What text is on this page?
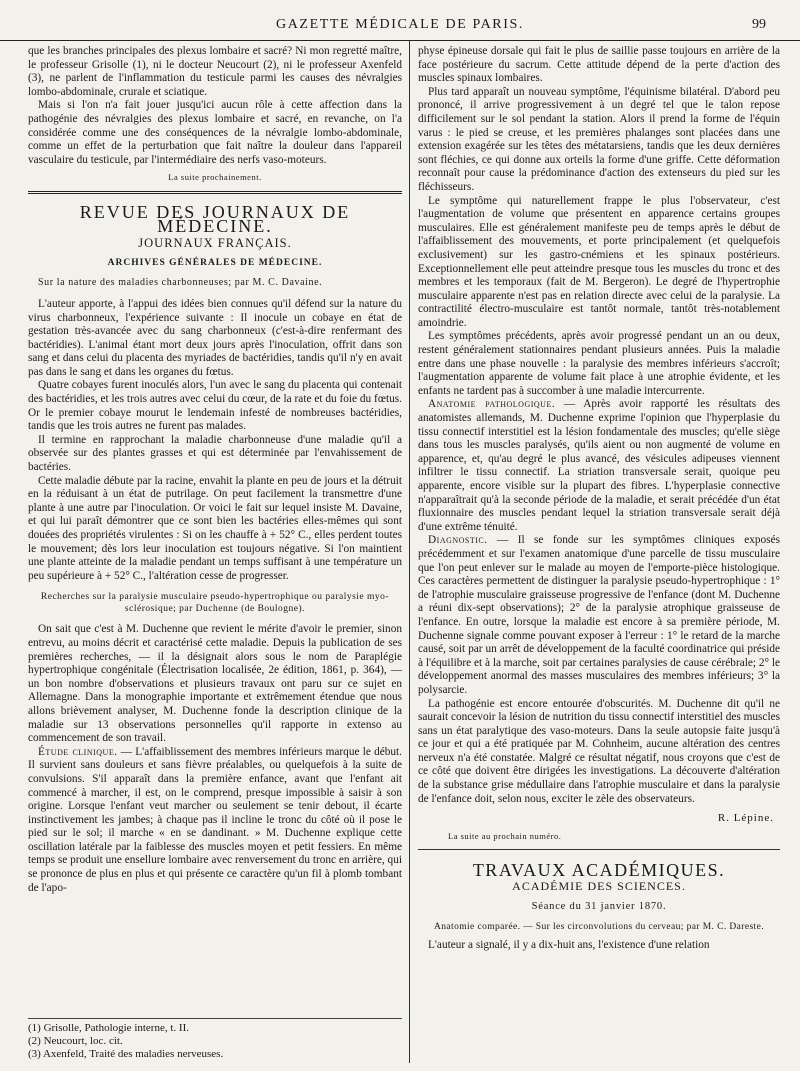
GAZETTE MÉDICALE DE PARIS.	99

que les branches principales des plexus lombaire et sacré? Ni mon regretté maître, le professeur Grisolle (1), ni le docteur Neucourt (2), ni le professeur Axenfeld (3), ne parlent de l'inflammation du testicule parmi les causes des névralgies lombo-abdominale, crurale et sciatique.

Mais si l'on n'a fait jouer jusqu'ici aucun rôle à cette affection dans la pathogénie des névralgies des plexus lombaire et sacré, en revanche, on l'a considérée comme une des conséquences de la névralgie lombo-abdominale, comme un effet de la perturbation que fait naître la douleur dans l'appareil vasculaire du testicule, par l'intermédiaire des nerfs vaso-moteurs.

La suite prochainement.
REVUE DES JOURNAUX DE MÉDECINE.
JOURNAUX FRANÇAIS.
ARCHIVES GÉNÉRALES DE MÉDECINE.
Sur la nature des maladies charbonneuses; par M. C. Davaine.

L'auteur apporte, à l'appui des idées bien connues qu'il défend sur la nature du virus charbonneux, l'expérience suivante : Il inocule un cobaye en état de gestation très-avancée avec du sang charbonneux (c'est-à-dire renfermant des bactéridies). L'animal étant mort deux jours après l'inoculation, offrit dans son sang et dans celui du placenta des myriades de bactéridies, tandis qu'il n'y en avait pas dans le sang et dans les organes du fœtus.

Quatre cobayes furent inoculés alors, l'un avec le sang du placenta qui contenait des bactéridies, et les trois autres avec celui du cœur, de la rate et du foie du fœtus. Or le premier cobaye mourut le lendemain infesté de nombreuses bactéridies, tandis que les trois autres ne furent pas malades.

Il termine en rapprochant la maladie charbonneuse d'une maladie qu'il a observée sur des plantes grasses et qui est déterminée par l'envahissement de bactéries.

Cette maladie débute par la racine, envahit la plante en peu de jours et la détruit en la réduisant à un état de putrilage. On peut facilement la transmettre d'une plante à une autre par l'inoculation. Or voici le fait sur lequel insiste M. Davaine, et qui lui paraît démontrer que ce sont bien les bactéries elles-mêmes qui sont douées des propriétés virulentes : Si on les chauffe à + 52° C., elles perdent toutes le mouvement; dès lors leur inoculation est toujours négative. Si l'on maintient une plante atteinte de la maladie pendant un temps suffisant à une température un peu supérieure à + 52° C., l'altération cesse de progresser.

Recherches sur la paralysie musculaire pseudo-hypertrophique ou paralysie myo-sclérosique; par Duchenne (de Boulogne).

On sait que c'est à M. Duchenne que revient le mérite d'avoir le premier, sinon entrevu, au moins décrit et caractérisé cette maladie. Depuis la publication de ses premières recherches, — il la désignait alors sous le nom de Paraplégie hypertrophique congénitale (Électrisation localisée, 2e édition, 1861, p. 364), — un bon nombre d'observations et plusieurs travaux ont paru sur ce sujet en Allemagne. Dans la monographie importante et extrêmement étendue que nous allons brièvement analyser, M. Duchenne fonde la description clinique de la maladie sur 13 observations personnelles qu'il rapporte in extenso au commencement de son travail.

Étude clinique. — L'affaiblissement des membres inférieurs marque le début. Il survient sans douleurs et sans fièvre préalables, ou quelquefois à la suite de convulsions. S'il apparaît dans la première enfance, avant que l'enfant ait commencé à marcher, il est, on le comprend, presque impossible à saisir à son origine. Lorsque l'enfant veut marcher ou seulement se tenir debout, il écarte instinctivement les jambes; à chaque pas il incline le tronc du côté où il pose le pied sur le sol; il marche « en se dandinant. » M. Duchenne explique cette oscillation latérale par la faiblesse des muscles moyen et petit fessiers. En même temps se produit une ensellure lombaire avec renversement du tronc en arrière, qui se prononce de plus en plus et qui présente ce caractère qu'un fil à plomb tombant de l'apo-

(1) Grisolle, Pathologie interne, t. II.
(2) Neucourt, loc. cit.
(3) Axenfeld, Traité des maladies nerveuses.

physe épineuse dorsale qui fait le plus de saillie passe toujours en arrière de la face postérieure du sacrum. Cette attitude dépend de la perte d'action des muscles spinaux lombaires.

Plus tard apparaît un nouveau symptôme, l'équinisme bilatéral. D'abord peu prononcé, il arrive progressivement à un degré tel que le talon repose difficilement sur le sol pendant la station. Alors il prend la forme de l'équin varus : le pied se creuse, et les premières phalanges sont placées dans une extension exagérée sur les têtes des métatarsiens, tandis que les deux dernières sont fléchies, ce qui donne aux orteils la forme d'une griffe. Cette déformation reconnaît pour cause la prédominance d'action des extenseurs du pied sur les fléchisseurs.

Le symptôme qui naturellement frappe le plus l'observateur, c'est l'augmentation de volume que présentent en apparence certains groupes musculaires. Elle est généralement manifeste peu de temps après le début de l'affaiblissement des mouvements, et porte principalement (et quelquefois exclusivement) sur les gastro-cnémiens et les spinaux postérieurs. Exceptionnellement elle peut atteindre presque tous les muscles du tronc et des membres et les temporaux (fait de M. Bergeron). Le degré de l'hypertrophie musculaire apparente n'est pas en relation directe avec celui de la paralysie. La contractilité électro-musculaire est tantôt normale, tantôt très-notablement amoindrie.

Les symptômes précédents, après avoir progressé pendant un an ou deux, restent généralement stationnaires pendant plusieurs années. Puis la maladie entre dans une phase nouvelle : la paralysie des membres inférieurs s'accroît; l'augmentation apparente de volume fait place à une atrophie évidente, et les enfants ne tardent pas à succomber à une maladie intercurrente.

Anatomie pathologique. — Après avoir rapporté les résultats des anatomistes allemands, M. Duchenne exprime l'opinion que l'hyperplasie du tissu connectif interstitiel est la lésion fondamentale des muscles; qu'elle siège dans tous les muscles paralysés, qu'ils aient ou non augmenté de volume en apparence, et, qu'au degré le plus avancé, des vésicules adipeuses viennent infiltrer le tissu connectif. La striation transversale serait, quoique peu apparente, encore visible sur la plupart des fibres. L'hyperplasie connective n'apparaîtrait qu'à la seconde période de la maladie, et serait précédée d'un état fluxionnaire des muscles pendant lequel la striation transversale serait déjà d'une extrême ténuité.

Diagnostic. — Il se fonde sur les symptômes cliniques exposés précédemment et sur l'examen anatomique d'une parcelle de tissu musculaire que l'on peut enlever sur le malade au moyen de l'emporte-pièce histologique. Ces caractères permettent de distinguer la paralysie pseudo-hypertrophique : 1° de l'atrophie musculaire graisseuse progressive de l'enfance (dont M. Duchenne a réuni dix-sept observations); 2° de la paralysie atrophique graisseuse de l'enfance. En outre, lorsque la maladie est encore à sa première période, M. Duchenne signale comme pouvant exposer à l'erreur : 1° le retard de la marche causé, soit par un arrêt de développement de la faculté coordinatrice qui préside à l'équilibre et à la marche, soit par certaines paralysies de cause cérébrale; 2° le développement anormal des masses musculaires des membres inférieurs; 3° la polysarcie.

La pathogénie est encore entourée d'obscurités. M. Duchenne dit qu'il ne saurait concevoir la lésion de nutrition du tissu connectif interstitiel des muscles sans un état paralytique des vaso-moteurs. Dans la seule autopsie faite jusqu'à ce jour et qui a été pratiquée par M. Cohnheim, aucune altération des centres nerveux n'a été constatée. Malgré ce résultat négatif, nous croyons que c'est de ce côté que doivent être dirigées les investigations. La découverte d'altération de la substance grise médullaire dans l'atrophie musculaire et dans la paralysie de l'enfance doit, selon nous, exciter le zèle des observateurs.

R. Lépine.
La suite au prochain numéro.
TRAVAUX ACADÉMIQUES.
ACADÉMIE DES SCIENCES.
Séance du 31 janvier 1870.
Anatomie comparée. — Sur les circonvolutions du cerveau; par M. C. Dareste.

L'auteur a signalé, il y a dix-huit ans, l'existence d'une relation
